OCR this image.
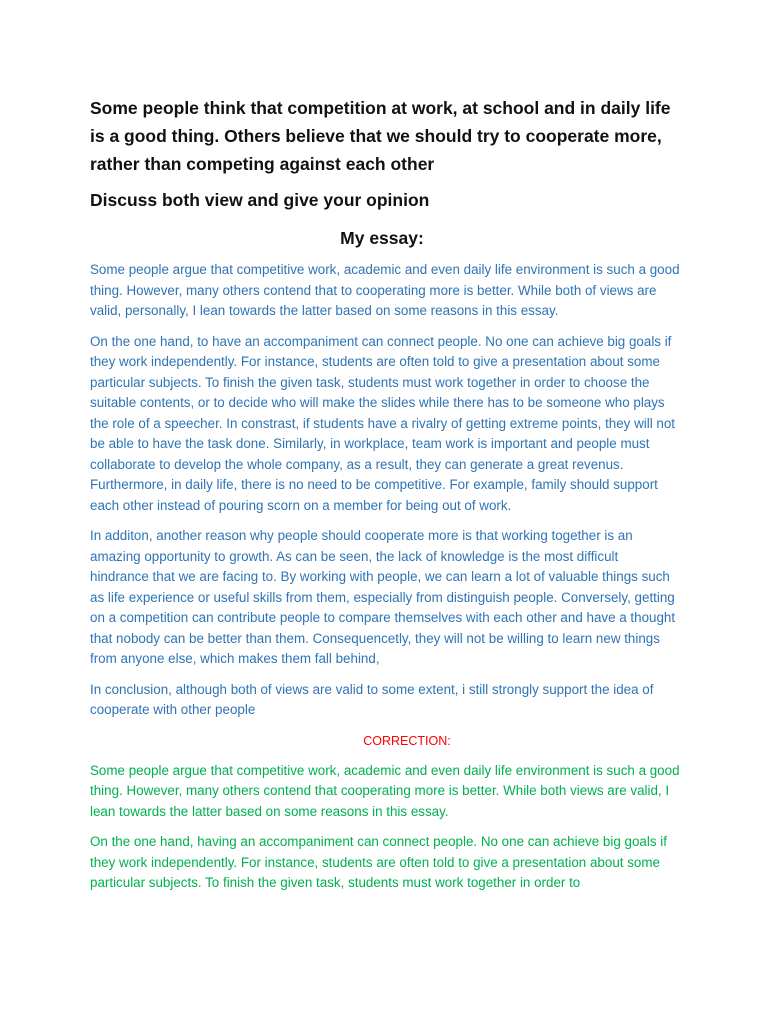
Some people think that competition at work, at school and in daily life is a good thing. Others believe that we should try to cooperate more, rather than competing against each other

Discuss both view and give your opinion

My essay:

Some people argue that competitive work, academic and even daily life environment is such a good thing. However, many others contend that to cooperating more is better. While both of views are valid, personally, I lean towards the latter based on some reasons in this essay.

On the one hand, to have an accompaniment can connect people. No one can achieve big goals if they work independently. For instance, students are often told to give a presentation about some particular subjects. To finish the given task, students must work together in order to choose the suitable contents, or to decide who will make the slides while there has to be someone who plays the role of a speecher. In constrast, if students have a rivalry of getting extreme points, they will not be able to have the task done. Similarly, in workplace, team work is important and people must collaborate to develop the whole company, as a result, they can generate a great revenus. Furthermore, in daily life, there is no need to be competitive. For example, family should support each other instead of pouring scorn on a member for being out of work.

In additon, another reason why people should cooperate more is that working together is an amazing opportunity to growth. As can be seen, the lack of knowledge is the most difficult hindrance that we are facing to. By working with people, we can learn a lot of valuable things such as life experience or useful skills from them, especially from distinguish people. Conversely, getting on a competition can contribute people to compare themselves with each other and have a thought that nobody can be better than them. Consequencetly, they will not be willing to learn new things from anyone else, which makes them fall behind,

In conclusion, although both of views are valid to some extent, i still strongly support the idea of cooperate with other people

CORRECTION:

Some people argue that competitive work, academic and even daily life environment is such a good thing. However, many others contend that cooperating more is better. While both views are valid, I lean towards the latter based on some reasons in this essay.

On the one hand, having an accompaniment can connect people. No one can achieve big goals if they work independently. For instance, students are often told to give a presentation about some particular subjects. To finish the given task, students must work together in order to
